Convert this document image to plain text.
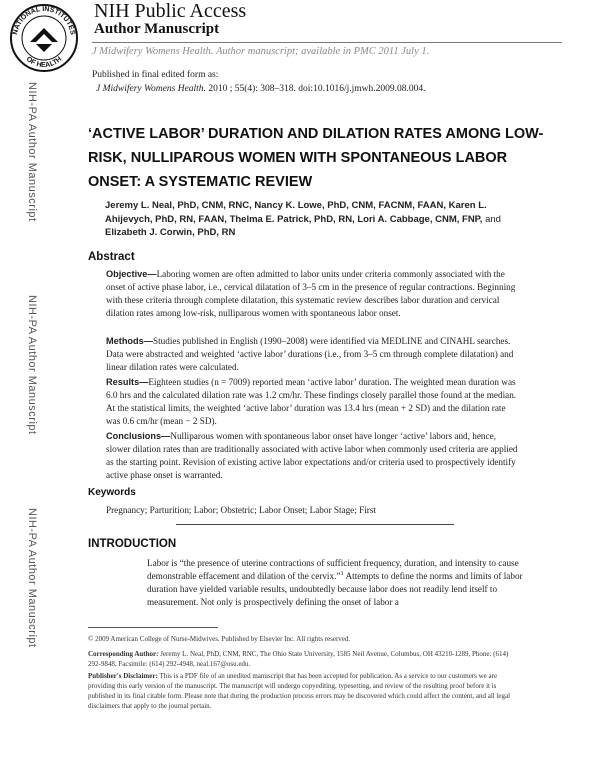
NATIONAL INSTITUTES
OF HEALTH
NIH Public Access
Author Manuscript
J Midwifery Womens Health. Author manuscript; available in PMC 2011 July 1.
Published in final edited form as:
J Midwifery Womens Health. 2010 ; 55(4): 308–318. doi:10.1016/j.jmwh.2009.08.004.
NIH-PA Author Manuscript
NIH-PA Author Manuscript
NIH-PA Author Manuscript
‘ACTIVE LABOR’ DURATION AND DILATION RATES AMONG LOW-RISK, NULLIPAROUS WOMEN WITH SPONTANEOUS LABOR ONSET: A SYSTEMATIC REVIEW
Jeremy L. Neal, PhD, CNM, RNC, Nancy K. Lowe, PhD, CNM, FACNM, FAAN, Karen L. Ahijevych, PhD, RN, FAAN, Thelma E. Patrick, PhD, RN, Lori A. Cabbage, CNM, FNP, and Elizabeth J. Corwin, PhD, RN
Abstract
Objective—Laboring women are often admitted to labor units under criteria commonly associated with the onset of active phase labor, i.e., cervical dilatation of 3–5 cm in the presence of regular contractions. Beginning with these criteria through complete dilatation, this systematic review describes labor duration and cervical dilation rates among low-risk, nulliparous women with spontaneous labor onset.
Methods—Studies published in English (1990–2008) were identified via MEDLINE and CINAHL searches. Data were abstracted and weighted ‘active labor’ durations (i.e., from 3–5 cm through complete dilatation) and linear dilation rates were calculated.
Results—Eighteen studies (n = 7009) reported mean ‘active labor’ duration. The weighted mean duration was 6.0 hrs and the calculated dilation rate was 1.2 cm/hr. These findings closely parallel those found at the median. At the statistical limits, the weighted ‘active labor’ duration was 13.4 hrs (mean + 2 SD) and the dilation rate was 0.6 cm/hr (mean − 2 SD).
Conclusions—Nulliparous women with spontaneous labor onset have longer ‘active’ labors and, hence, slower dilation rates than are traditionally associated with active labor when commonly used criteria are applied as the starting point. Revision of existing active labor expectations and/or criteria used to prospectively identify active phase onset is warranted.
Keywords
Pregnancy; Parturition; Labor; Obstetric; Labor Onset; Labor Stage; First
INTRODUCTION
Labor is “the presence of uterine contractions of sufficient frequency, duration, and intensity to cause demonstrable effacement and dilation of the cervix.”$^1$ Attempts to define the norms and limits of labor duration have yielded variable results, undoubtedly because labor does not readily lend itself to measurement. Not only is prospectively defining the onset of labor a
© 2009 American College of Nurse-Midwives. Published by Elsevier Inc. All rights reserved.
Corresponding Author: Jeremy L. Neal, PhD, CNM, RNC, The Ohio State University, 1585 Neil Avenue, Columbus, OH 43210-1289, Phone: (614) 292-9848, Facsimile: (614) 292-4948, neal.167@osu.edu.
Publisher's Disclaimer: This is a PDF file of an unedited manuscript that has been accepted for publication. As a service to our customers we are providing this early version of the manuscript. The manuscript will undergo copyediting, typesetting, and review of the resulting proof before it is published in its final citable form. Please note that during the production process errors may be discovered which could affect the content, and all legal disclaimers that apply to the journal pertain.
